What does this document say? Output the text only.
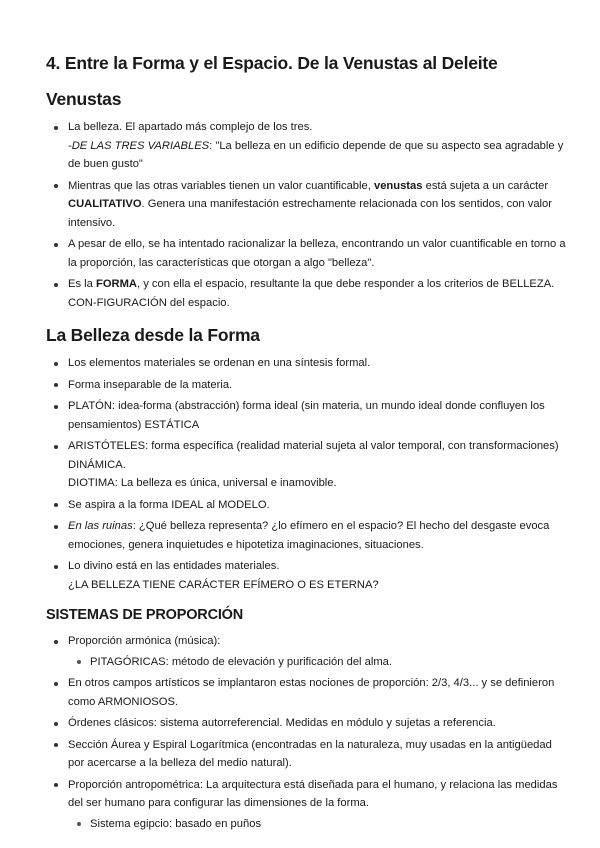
4. Entre la Forma y el Espacio. De la Venustas al Deleite
Venustas
La belleza. El apartado más complejo de los tres.
-DE LAS TRES VARIABLES: "La belleza en un edificio depende de que su aspecto sea agradable y de buen gusto"
Mientras que las otras variables tienen un valor cuantificable, venustas está sujeta a un carácter CUALITATIVO. Genera una manifestación estrechamente relacionada con los sentidos, con valor intensivo.
A pesar de ello, se ha intentado racionalizar la belleza, encontrando un valor cuantificable en torno a la proporción, las características que otorgan a algo "belleza".
Es la FORMA, y con ella el espacio, resultante la que debe responder a los criterios de BELLEZA.
CON-FIGURACIÓN del espacio.
La Belleza desde la Forma
Los elementos materiales se ordenan en una síntesis formal.
Forma inseparable de la materia.
PLATÓN: idea-forma (abstracción) forma ideal (sin materia, un mundo ideal donde confluyen los pensamientos) ESTÁTICA
ARISTÓTELES: forma específica (realidad material sujeta al valor temporal, con transformaciones) DINÁMICA.
DIOTIMA: La belleza es única, universal e inamovible.
Se aspira a la forma IDEAL al MODELO.
En las ruinas: ¿Qué belleza representa? ¿lo efímero en el espacio? El hecho del desgaste evoca emociones, genera inquietudes e hipotetiza imaginaciones, situaciones.
Lo divino está en las entidades materiales.
¿LA BELLEZA TIENE CARÁCTER EFÍMERO O ES ETERNA?
SISTEMAS DE PROPORCIÓN
Proporción armónica (música):
PITAGÓRICAS: método de elevación y purificación del alma.
En otros campos artísticos se implantaron estas nociones de proporción: 2/3, 4/3... y se definieron como ARMONIOSOS.
Órdenes clásicos: sistema autorreferencial. Medidas en módulo y sujetas a referencia.
Sección Áurea y Espiral Logarítmica (encontradas en la naturaleza, muy usadas en la antigüedad por acercarse a la belleza del medio natural).
Proporción antropométrica: La arquitectura está diseñada para el humano, y relaciona las medidas del ser humano para configurar las dimensiones de la forma.
Sistema egipcio: basado en puños
